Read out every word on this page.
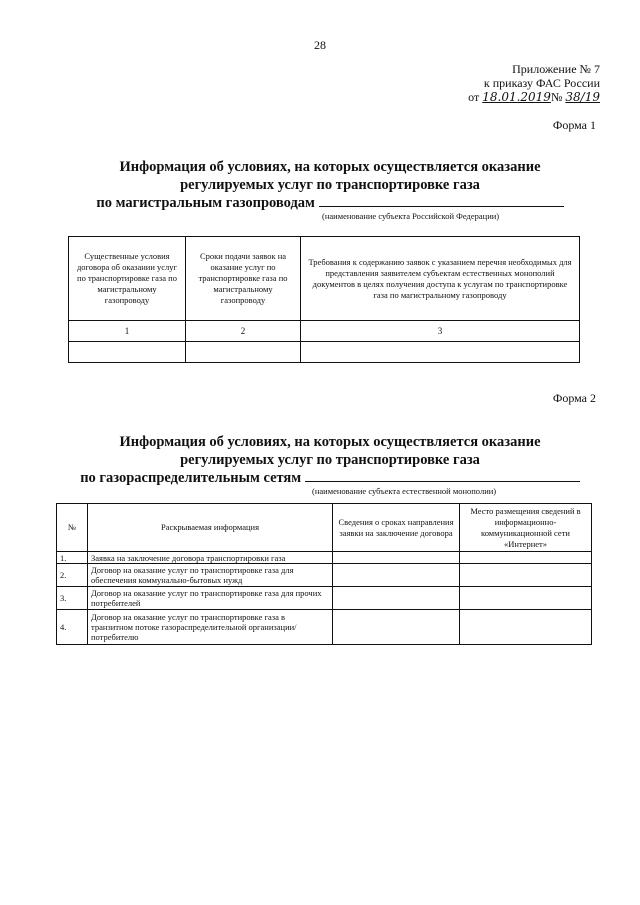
28
Приложение № 7
к приказу ФАС России
от 18.01.2019№ 38/19
Форма 1
Информация об условиях, на которых осуществляется оказание
регулируемых услуг по транспортировке газа
по магистральным газопроводам
(наименование субъекта Российской Федерации)
Существенные условия договора об оказании услуг по транспортировке газа по магистральному газопроводу	Сроки подачи заявок на оказание услуг по транспортировке газа по магистральному газопроводу	Требования к содержанию заявок с указанием перечня необходимых для представления заявителем субъектам естественных монополий документов в целях получения доступа к услугам по транспортировке газа по магистральному газопроводу
1	2	3

Форма 2
Информация об условиях, на которых осуществляется оказание
регулируемых услуг по транспортировке газа
по газораспределительным сетям
(наименование субъекта естественной монополии)
№	Раскрываемая информация	Сведения о сроках направления заявки на заключение договора	Место размещения сведений в информационно-коммуникационной сети «Интернет»
1.	Заявка на заключение договора транспортировки газа		
2.	Договор на оказание услуг по транспортировке газа для обеспечения коммунально-бытовых нужд		
3.	Договор на оказание услуг по транспортировке газа для прочих потребителей		
4.	Договор на оказание услуг по транспортировке газа в транзитном потоке газораспределительной организации/потребителю		
